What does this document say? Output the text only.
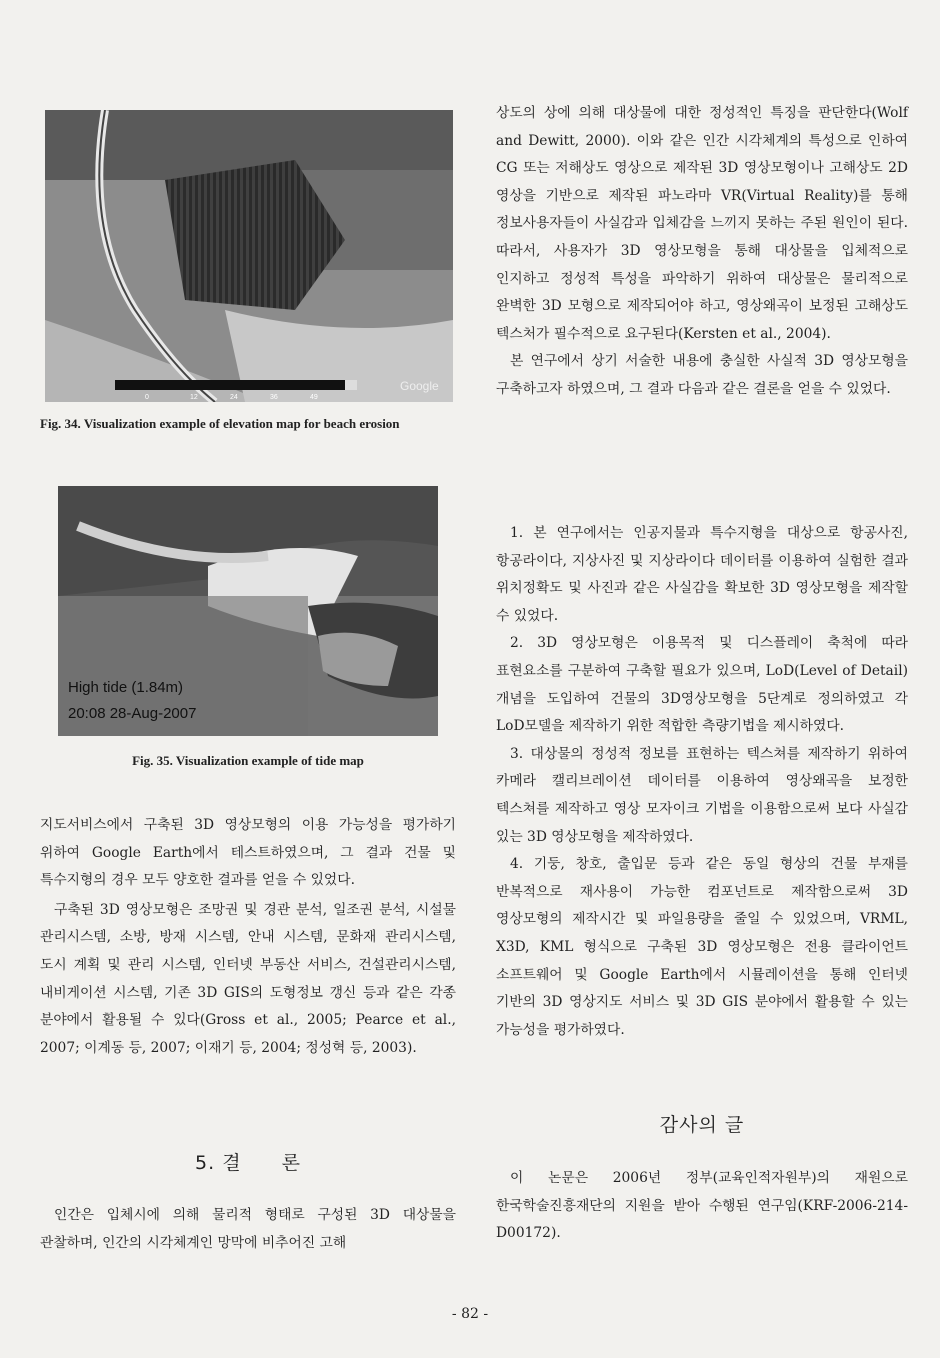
0	12	24	36	49
Google
Fig. 34. Visualization example of elevation map for beach erosion
High tide (1.84m)
20:08 28-Aug-2007
Fig. 35. Visualization example of tide map

지도서비스에서 구축된 3D 영상모형의 이용 가능성을 평가하기 위하여 Google Earth에서 테스트하였으며, 그 결과 건물 및 특수지형의 경우 모두 양호한 결과를 얻을 수 있었다.

구축된 3D 영상모형은 조망권 및 경관 분석, 일조권 분석, 시설물 관리시스템, 소방, 방재 시스템, 안내 시스템, 문화재 관리시스템, 도시 계획 및 관리 시스템, 인터넷 부동산 서비스, 건설관리시스템, 내비게이션 시스템, 기존 3D GIS의 도형정보 갱신 등과 같은 각종 분야에서 활용될 수 있다(Gross et al., 2005; Pearce et al., 2007; 이계동 등, 2007; 이재기 등, 2004; 정성혁 등, 2003).

5. 결　　론

인간은 입체시에 의해 물리적 형태로 구성된 3D 대상물을 관찰하며, 인간의 시각체계인 망막에 비추어진 고해

상도의 상에 의해 대상물에 대한 정성적인 특징을 판단한다(Wolf and Dewitt, 2000). 이와 같은 인간 시각체계의 특성으로 인하여 CG 또는 저해상도 영상으로 제작된 3D 영상모형이나 고해상도 2D 영상을 기반으로 제작된 파노라마 VR(Virtual Reality)를 통해 정보사용자들이 사실감과 입체감을 느끼지 못하는 주된 원인이 된다. 따라서, 사용자가 3D 영상모형을 통해 대상물을 입체적으로 인지하고 정성적 특성을 파악하기 위하여 대상물은 물리적으로 완벽한 3D 모형으로 제작되어야 하고, 영상왜곡이 보정된 고해상도 텍스처가 필수적으로 요구된다(Kersten et al., 2004).

본 연구에서 상기 서술한 내용에 충실한 사실적 3D 영상모형을 구축하고자 하였으며, 그 결과 다음과 같은 결론을 얻을 수 있었다.

1. 본 연구에서는 인공지물과 특수지형을 대상으로 항공사진, 항공라이다, 지상사진 및 지상라이다 데이터를 이용하여 실험한 결과 위치정확도 및 사진과 같은 사실감을 확보한 3D 영상모형을 제작할 수 있었다.

2. 3D 영상모형은 이용목적 및 디스플레이 축척에 따라 표현요소를 구분하여 구축할 필요가 있으며, LoD(Level of Detail) 개념을 도입하여 건물의 3D영상모형을 5단계로 정의하였고 각 LoD모델을 제작하기 위한 적합한 측량기법을 제시하였다.

3. 대상물의 정성적 정보를 표현하는 텍스쳐를 제작하기 위하여 카메라 캘리브레이션 데이터를 이용하여 영상왜곡을 보정한 텍스쳐를 제작하고 영상 모자이크 기법을 이용함으로써 보다 사실감 있는 3D 영상모형을 제작하였다.

4. 기둥, 창호, 출입문 등과 같은 동일 형상의 건물 부재를 반복적으로 재사용이 가능한 컴포넌트로 제작함으로써 3D 영상모형의 제작시간 및 파일용량을 줄일 수 있었으며, VRML, X3D, KML 형식으로 구축된 3D 영상모형은 전용 클라이언트 소프트웨어 및 Google Earth에서 시뮬레이션을 통해 인터넷 기반의 3D 영상지도 서비스 및 3D GIS 분야에서 활용할 수 있는 가능성을 평가하였다.

감사의 글

이 논문은 2006년 정부(교육인적자원부)의 재원으로 한국학술진흥재단의 지원을 받아 수행된 연구임(KRF-2006-214-D00172).

- 82 -
